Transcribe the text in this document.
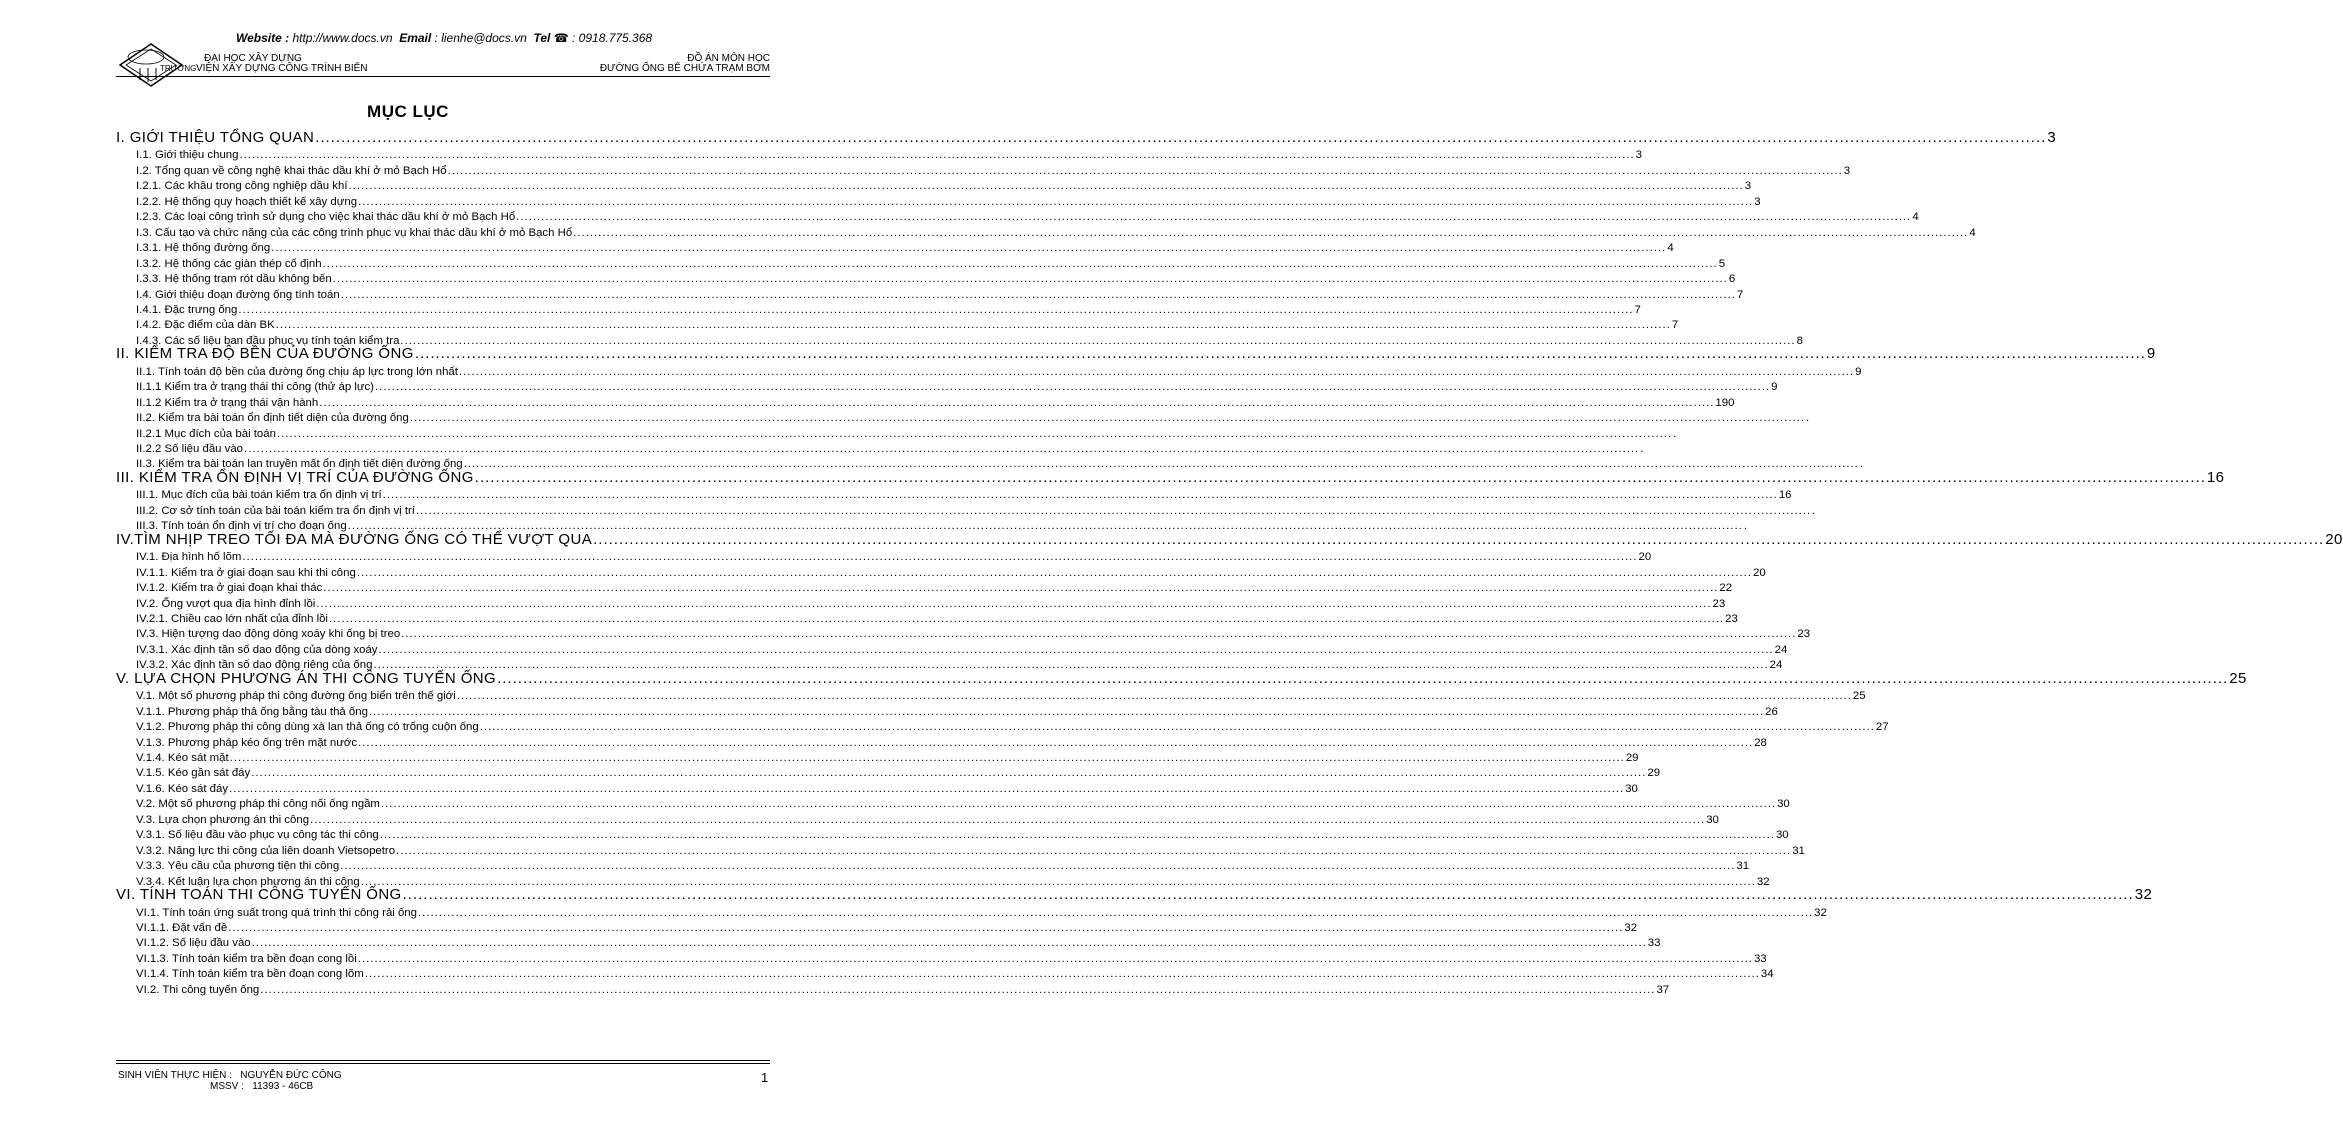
Website : http://www.docs.vn Email : lienhe@docs.vn Tel ☎ : 0918.775.368
TRƯỜNG
ĐẠI HỌC XÂY DỰNG
VIỆN XÂY DỰNG CÔNG TRÌNH BIỂN
ĐỒ ÁN MÔN HỌC
ĐƯỜNG ỐNG BỂ CHỨA TRẠM BƠM
MỤC LỤC
I. GIỚI THIỆU TỔNG QUAN .....	3
I.1. Giới thiệu chung .....	3
I.2. Tổng quan về công nghệ khai thác dầu khí ở mỏ Bạch Hổ .....	3
I.2.1. Các khâu trong công nghiệp dầu khí .....	3
I.2.2. Hệ thống quy hoạch thiết kế xây dựng .....	3
I.2.3. Các loại công trình sử dụng cho việc khai thác dầu khí ở mỏ Bạch Hổ .....	4
I.3. Cấu tạo và chức năng của các công trình phục vụ khai thác dầu khí ở mỏ Bạch Hổ .....	4
I.3.1. Hệ thống đường ống .....	4
I.3.2. Hệ thống các giàn thép cố định .....	5
I.3.3. Hệ thống trạm rót dầu không bến .....	6
I.4. Giới thiệu đoạn đường ống tính toán .....	7
I.4.1. Đặc trưng ống .....	7
I.4.2. Đặc điểm của dàn BK .....	7
I.4.3. Các số liệu ban đầu phục vụ tính toán kiểm tra .....	8
II. KIỂM TRA ĐỘ BỀN CỦA ĐƯỜNG ỐNG .....	9
II.1. Tính toán độ bền của đường ống chịu áp lực trong lớn nhất .....	9
II.1.1 Kiểm tra ở trạng thái thi công (thử áp lực) .....	9
II.1.2 Kiểm tra ở trạng thái vận hành .....	190
II.2. Kiểm tra bài toán ổn định tiết diện của đường ống .....	.
II.2.1 Mục đích của bài toán .....	.
II.2.2 Số liệu đầu vào .....	.
II.3. Kiểm tra bài toán lan truyền mất ổn định tiết diện đường ống .....	.
III. KIỂM TRA ỔN ĐỊNH VỊ TRÍ CỦA ĐƯỜNG ỐNG .....	16
III.1. Mục đích của bài toán kiểm tra ổn định vị trí .....	16
III.2. Cơ sở tính toán của bài toán kiểm tra ổn định vị trí .....	.
III.3. Tính toán ổn định vị trí cho đoạn ống .....	.
IV.TÌM NHỊP TREO TỐI ĐA MÀ ĐƯỜNG ỐNG CÓ THỂ VƯỢT QUA .....	20
IV.1. Địa hình hố lõm .....	20
IV.1.1. Kiểm tra ở giai đoạn sau khi thi công .....	20
IV.1.2. Kiểm tra ở giai đoạn khai thác .....	22
IV.2. Ống vượt qua địa hình đỉnh lồi .....	23
IV.2.1. Chiều cao lớn nhất của đỉnh lồi .....	23
IV.3. Hiện tượng dao động dòng xoáy khi ống bị treo .....	23
IV.3.1. Xác định tần số dao động của dòng xoáy .....	24
IV.3.2. Xác định tần số dao động riêng của ống .....	24
V. LỰA CHỌN PHƯƠNG ÁN THI CÔNG TUYẾN ỐNG .....	25
V.1. Một số phương pháp thi công đường ống biển trên thế giới .....	25
V.1.1. Phương pháp thả ống bằng tàu thả ống .....	26
V.1.2. Phương pháp thi công dùng xà lan thả ống có trống cuộn ống .....	27
V.1.3. Phương pháp kéo ống trên mặt nước .....	28
V.1.4. Kéo sát mặt .....	29
V.1.5. Kéo gần sát đáy .....	29
V.1.6. Kéo sát đáy .....	30
V.2. Một số phương pháp thi công nối ống ngầm .....	30
V.3. Lựa chọn phương án thi công .....	30
V.3.1. Số liệu đầu vào phục vụ công tác thi công .....	30
V.3.2. Năng lực thi công của liên doanh Vietsopetro .....	31
V.3.3. Yêu cầu của phương tiện thi công .....	31
V.3.4. Kết luận lựa chọn phương án thi công .....	32
VI. TÍNH TOÁN THI CÔNG TUYẾN ỐNG .....	32
VI.1. Tính toán ứng suất trong quá trình thi công rải ống .....	32
VI.1.1. Đặt vấn đề .....	32
VI.1.2. Số liệu đầu vào .....	33
VI.1.3. Tính toán kiểm tra bền đoạn cong lồi .....	33
VI.1.4. Tính toán kiểm tra bền đoạn cong lõm .....	34
VI.2. Thi công tuyến ống .....	37
SINH VIÊN THỰC HIỆN : NGUYỄN ĐỨC CÔNG
MSSV : 11393 - 46CB
1
